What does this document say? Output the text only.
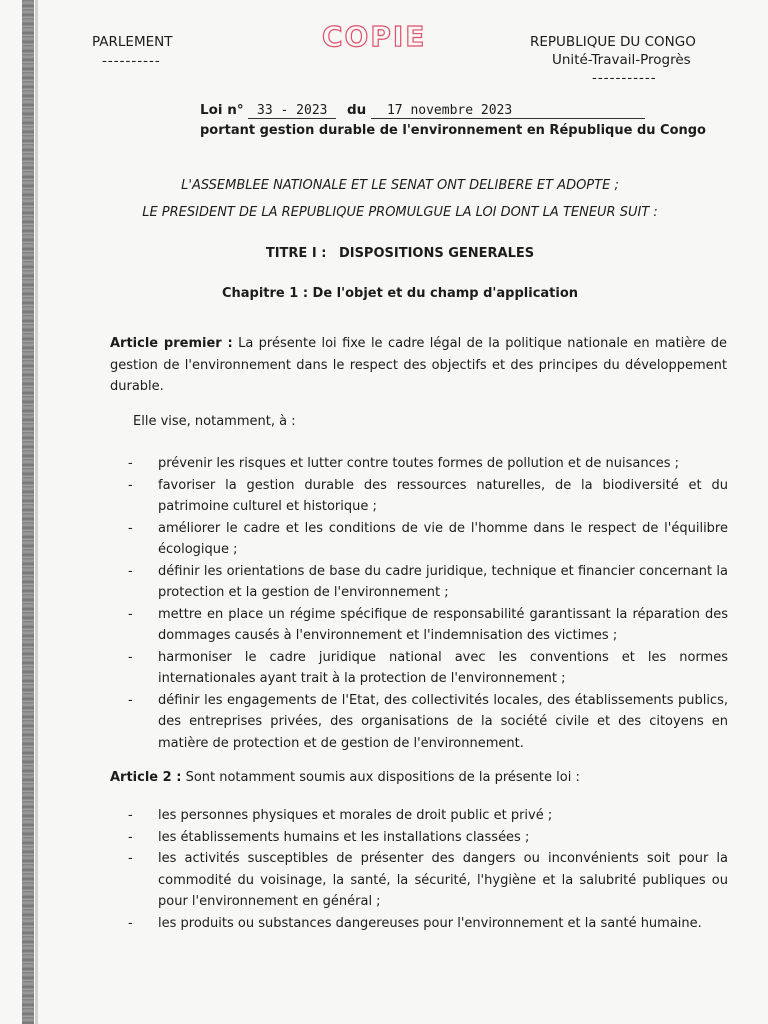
PARLEMENT
----------
COPIE	REPUBLIQUE DU CONGO
Unité-Travail-Progrès
-----------
Loi n° 33 - 2023 du 17 novembre 2023
portant gestion durable de l'environnement en République du Congo
L'ASSEMBLEE NATIONALE ET LE SENAT ONT DELIBERE ET ADOPTE ;
LE PRESIDENT DE LA REPUBLIQUE PROMULGUE LA LOI DONT LA TENEUR SUIT :
TITRE I : DISPOSITIONS GENERALES
Chapitre 1 : De l'objet et du champ d'application
Article premier : La présente loi fixe le cadre légal de la politique nationale en matière de gestion de l'environnement dans le respect des objectifs et des principes du développement durable.
Elle vise, notamment, à :
- prévenir les risques et lutter contre toutes formes de pollution et de nuisances ;
- favoriser la gestion durable des ressources naturelles, de la biodiversité et du patrimoine culturel et historique ;
- améliorer le cadre et les conditions de vie de l'homme dans le respect de l'équilibre écologique ;
- définir les orientations de base du cadre juridique, technique et financier concernant la protection et la gestion de l'environnement ;
- mettre en place un régime spécifique de responsabilité garantissant la réparation des dommages causés à l'environnement et l'indemnisation des victimes ;
- harmoniser le cadre juridique national avec les conventions et les normes internationales ayant trait à la protection de l'environnement ;
- définir les engagements de l'Etat, des collectivités locales, des établissements publics, des entreprises privées, des organisations de la société civile et des citoyens en matière de protection et de gestion de l'environnement.
Article 2 : Sont notamment soumis aux dispositions de la présente loi :
- les personnes physiques et morales de droit public et privé ;
- les établissements humains et les installations classées ;
- les activités susceptibles de présenter des dangers ou inconvénients soit pour la commodité du voisinage, la santé, la sécurité, l'hygiène et la salubrité publiques ou pour l'environnement en général ;
- les produits ou substances dangereuses pour l'environnement et la santé humaine.
